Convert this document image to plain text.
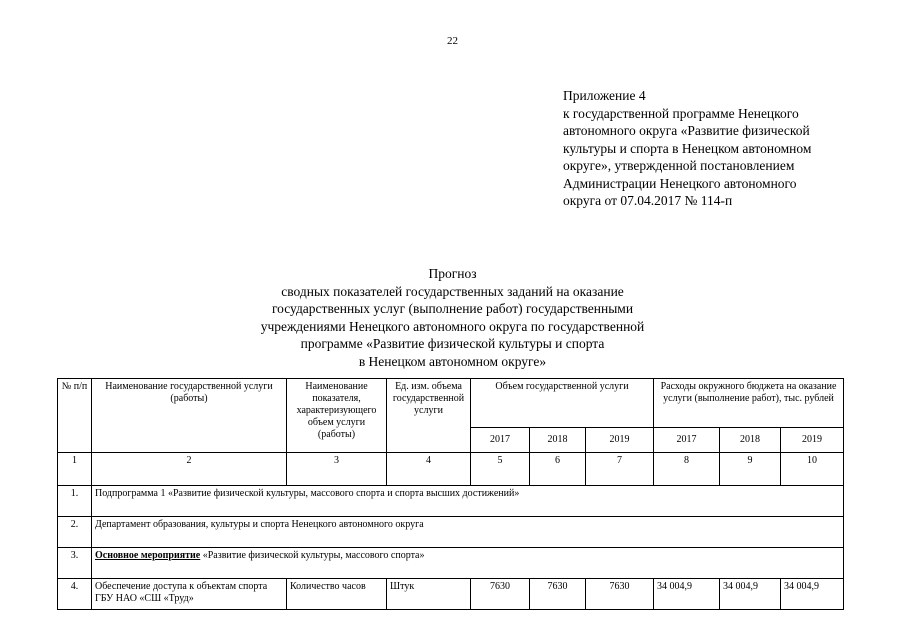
22
Приложение 4
к государственной программе Ненецкого
автономного округа «Развитие физической
культуры и спорта в Ненецком автономном
округе», утвержденной постановлением
Администрации Ненецкого автономного
округа от 07.04.2017 № 114-п
Прогноз
сводных показателей государственных заданий на оказание
государственных услуг (выполнение работ) государственными
учреждениями Ненецкого автономного округа по государственной
программе «Развитие физической культуры и спорта
в Ненецком автономном округе»
№ п/п	Наименование государственной услуги (работы)	Наименование показателя, характеризующего объем услуги (работы)	Ед. изм. объема государственной услуги	Объем государственной услуги			Расходы окружного бюджета на оказание услуги (выполнение работ), тыс. рублей		
				2017	2018	2019	2017	2018	2019
1	2	3	4	5	6	7	8	9	10
1.	Подпрограмма 1 «Развитие физической культуры, массового спорта и спорта высших достижений»								
2.	Департамент образования, культуры и спорта Ненецкого автономного округа								
3.	Основное мероприятие «Развитие физической культуры, массового спорта»								
4.	Обеспечение доступа к объектам спорта ГБУ НАО «СШ «Труд»	Количество часов	Штук	7630	7630	7630	34 004,9	34 004,9	34 004,9
